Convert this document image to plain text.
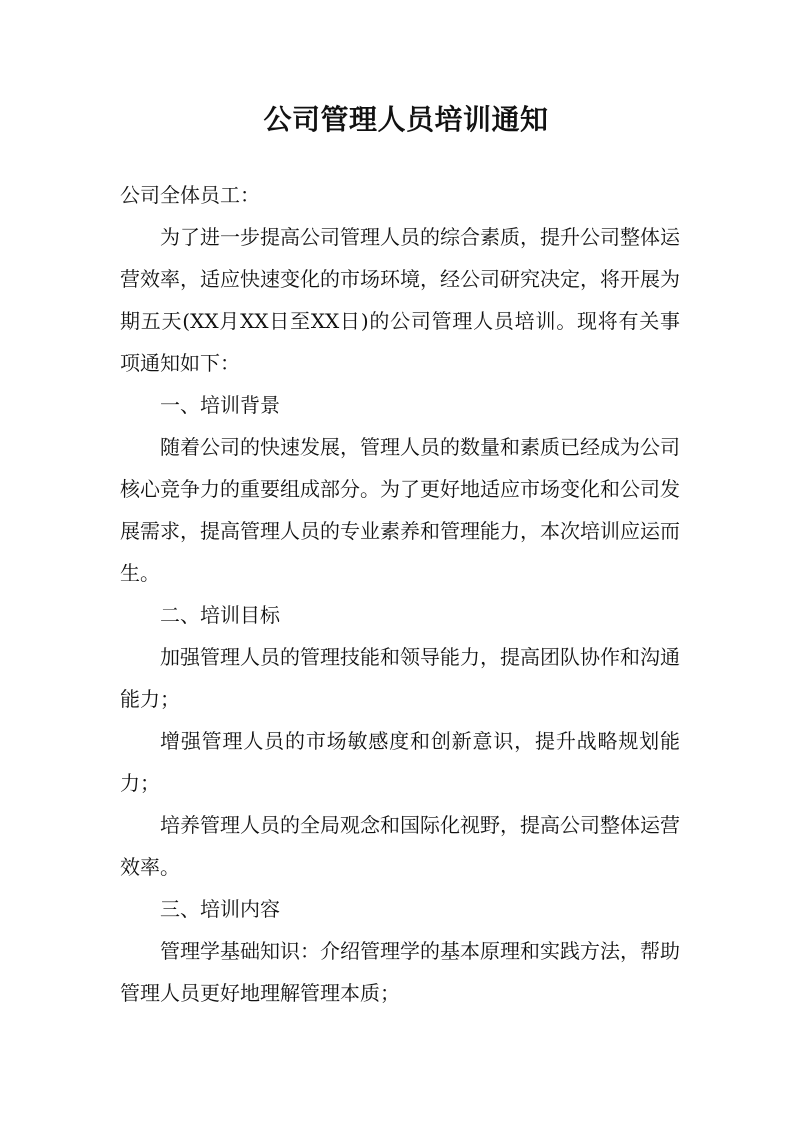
公司管理人员培训通知

公司全体员工：

为了进一步提高公司管理人员的综合素质，提升公司整体运营效率，适应快速变化的市场环境，经公司研究决定，将开展为期五天(XX月XX日至XX日)的公司管理人员培训。现将有关事项通知如下：

一、培训背景

随着公司的快速发展，管理人员的数量和素质已经成为公司核心竞争力的重要组成部分。为了更好地适应市场变化和公司发展需求，提高管理人员的专业素养和管理能力，本次培训应运而生。

二、培训目标

加强管理人员的管理技能和领导能力，提高团队协作和沟通能力；

增强管理人员的市场敏感度和创新意识，提升战略规划能力；

培养管理人员的全局观念和国际化视野，提高公司整体运营效率。

三、培训内容

管理学基础知识：介绍管理学的基本原理和实践方法，帮助管理人员更好地理解管理本质；
